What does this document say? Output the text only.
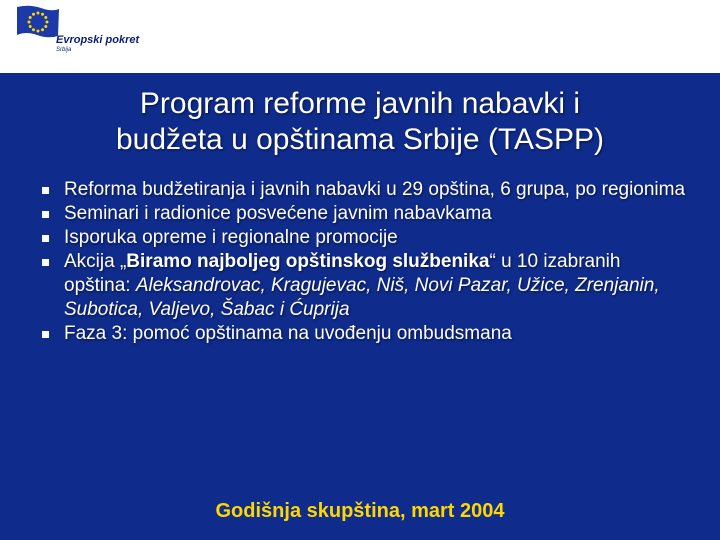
Evropski pokret
Srbija
Program reforme javnih nabavki i
budžeta u opštinama Srbije (TASPP)
Reforma budžetiranja i javnih nabavki u 29 opština, 6 grupa, po regionima
Seminari i radionice posvećene javnim nabavkama
Isporuka opreme i regionalne promocije
Akcija „Biramo najboljeg opštinskog službenika“ u 10 izabranih opština: Aleksandrovac, Kragujevac, Niš, Novi Pazar, Užice, Zrenjanin, Subotica, Valjevo, Šabac i Ćuprija
Faza 3: pomoć opštinama na uvođenju ombudsmana
Godišnja skupština, mart 2004
